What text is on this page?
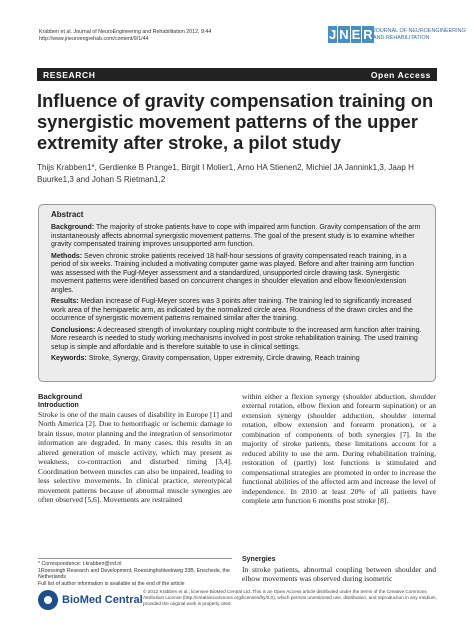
Krabben et al. Journal of NeuroEngineering and Rehabilitation 2012, 9:44
http://www.jneuroengrehab.com/content/9/1/44	J N E R JOURNAL OF NEUROENGINEERING
AND REHABILITATION
RESEARCH	Open Access
Influence of gravity compensation training on synergistic movement patterns of the upper extremity after stroke, a pilot study
Thijs Krabben1*, Gerdienke B Prange1, Birgit I Molier1, Arno HA Stienen2, Michiel JA Jannink1,3, Jaap H Buurke1,3 and Johan S Rietman1,2
Abstract

Background: The majority of stroke patients have to cope with impaired arm function. Gravity compensation of the arm instantaneously affects abnormal synergistic movement patterns. The goal of the present study is to examine whether gravity compensated training improves unsupported arm function.

Methods: Seven chronic stroke patients received 18 half-hour sessions of gravity compensated reach training, in a period of six weeks. Training included a motivating computer game was played. Before and after training arm function was assessed with the Fugl-Meyer assessment and a standardized, unsupported circle drawing task. Synergistic movement patterns were identified based on concurrent changes in shoulder elevation and elbow flexion/extension angles.

Results: Median increase of Fugl-Meyer scores was 3 points after training. The training led to significantly increased work area of the hemiparetic arm, as indicated by the normalized circle area. Roundness of the drawn circles and the occurrence of synergistic movement patterns remained similar after the training.

Conclusions: A decreased strength of involuntary coupling might contribute to the increased arm function after training. More research is needed to study working mechanisms involved in post stroke rehabilitation training. The used training setup is simple and affordable and is therefore suitable to use in clinical settings.

Keywords: Stroke, Synergy, Gravity compensation, Upper extremity, Circle drawing, Reach training

Background
Introduction

Stroke is one of the main causes of disability in Europe [1] and North America [2]. Due to hemorrhagic or ischemic damage to brain tissue, motor planning and the integration of sensorimotor information are degraded. In many cases, this results in an altered generation of muscle activity, which may present as weakness, co-contraction and disturbed timing [3,4]. Coordination between muscles can also be impaired, leading to less selective movements. In clinical practice, stereotypical movement patterns because of abnormal muscle synergies are often observed [5,6]. Movements are restrained

within either a flexion synergy (shoulder abduction, shoulder external rotation, elbow flexion and forearm supination) or an extension synergy (shoulder adduction, shoulder internal rotation, elbow extension and forearm pronation), or a combination of components of both synergies [7]. In the majority of stroke patients, these limitations account for a reduced ability to use the arm. During rehabilitation training, restoration of (partly) lost functions is stimulated and compensational strategies are promoted in order to increase the functional abilities of the affected arm and increase the level of independence. In 2010 at least 20% of all patients have complete arm function 6 months post stroke [8].

Synergies

In stroke patients, abnormal coupling between shoulder and elbow movements was observed during isometric

* Correspondence: t.krabben@rrd.nl
1Roessingh Research and Development, Roessinghsbleekweg 33B, Enschede, the Netherlands
Full list of author information is available at the end of the article
BioMed Central
© 2012 Krabben et al.; licensee BioMed Central Ltd. This is an Open Access article distributed under the terms of the Creative Commons Attribution License (http://creativecommons.org/licenses/by/2.0), which permits unrestricted use, distribution, and reproduction in any medium, provided the original work is properly cited.
